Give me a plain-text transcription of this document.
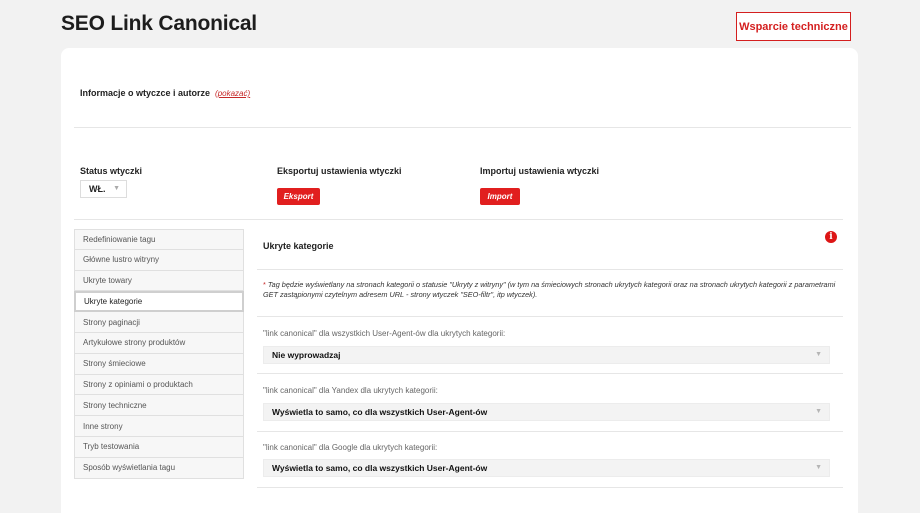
SEO Link Canonical	Wsparcie techniczne
Informacje o wtyczce i autorze (pokazać)
Status wtyczki
WŁ. ▼
Eksportuj ustawienia wtyczki
Eksport
Importuj ustawienia wtyczki
Import
Redefiniowanie tagu
Główne lustro witryny
Ukryte towary
Ukryte kategorie
Strony paginacji
Artykułowe strony produktów
Strony śmieciowe
Strony z opiniami o produktach
Strony techniczne
Inne strony
Tryb testowania
Sposób wyświetlania tagu
Ukryte kategorie
i
* Tag będzie wyświetlany na stronach kategorii o statusie "Ukryty z witryny" (w tym na śmieciowych stronach ukrytych kategorii oraz na stronach ukrytych kategorii z parametrami GET zastąpionymi czytelnym adresem URL - strony wtyczek "SEO-filtr", itp wtyczek).
"link canonical" dla wszystkich User-Agent-ów dla ukrytych kategorii:
Nie wyprowadzaj	▼
"link canonical" dla Yandex dla ukrytych kategorii:
Wyświetla to samo, co dla wszystkich User-Agent-ów	▼
"link canonical" dla Google dla ukrytych kategorii:
Wyświetla to samo, co dla wszystkich User-Agent-ów	▼
